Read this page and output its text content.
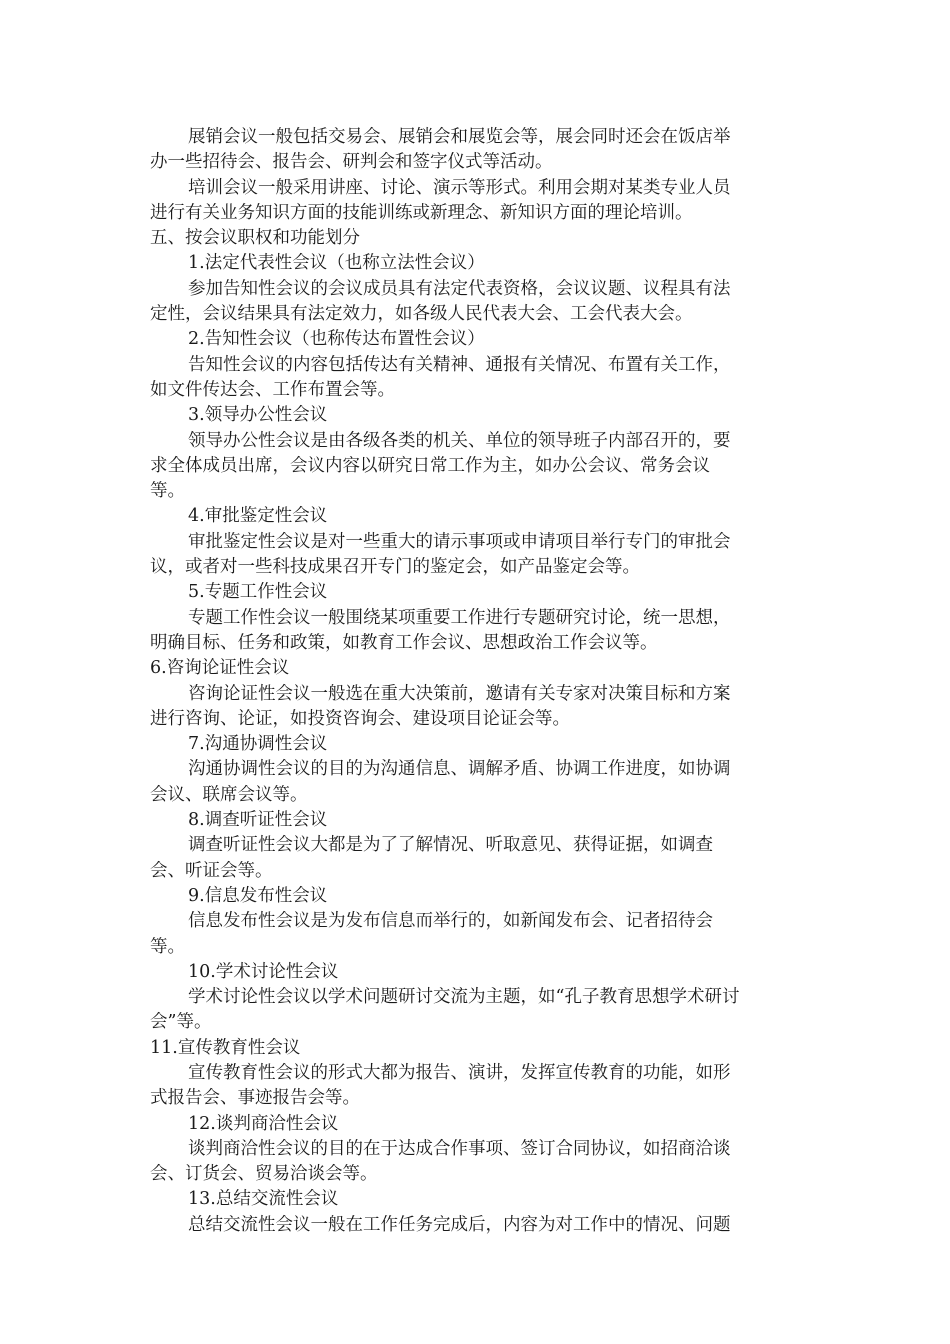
展销会议一般包括交易会、展销会和展览会等，展会同时还会在饭店举
办一些招待会、报告会、研判会和签字仪式等活动。
培训会议一般采用讲座、讨论、演示等形式。利用会期对某类专业人员
进行有关业务知识方面的技能训练或新理念、新知识方面的理论培训。
五、按会议职权和功能划分
1.法定代表性会议（也称立法性会议）
参加告知性会议的会议成员具有法定代表资格，会议议题、议程具有法
定性，会议结果具有法定效力，如各级人民代表大会、工会代表大会。
2.告知性会议（也称传达布置性会议）
告知性会议的内容包括传达有关精神、通报有关情况、布置有关工作，
如文件传达会、工作布置会等。
3.领导办公性会议
领导办公性会议是由各级各类的机关、单位的领导班子内部召开的，要
求全体成员出席，会议内容以研究日常工作为主，如办公会议、常务会议
等。
4.审批鉴定性会议
审批鉴定性会议是对一些重大的请示事项或申请项目举行专门的审批会
议，或者对一些科技成果召开专门的鉴定会，如产品鉴定会等。
5.专题工作性会议
专题工作性会议一般围绕某项重要工作进行专题研究讨论，统一思想，
明确目标、任务和政策，如教育工作会议、思想政治工作会议等。
6.咨询论证性会议
咨询论证性会议一般选在重大决策前，邀请有关专家对决策目标和方案
进行咨询、论证，如投资咨询会、建设项目论证会等。
7.沟通协调性会议
沟通协调性会议的目的为沟通信息、调解矛盾、协调工作进度，如协调
会议、联席会议等。
8.调查听证性会议
调查听证性会议大都是为了了解情况、听取意见、获得证据，如调查
会、听证会等。
9.信息发布性会议
信息发布性会议是为发布信息而举行的，如新闻发布会、记者招待会
等。
10.学术讨论性会议
学术讨论性会议以学术问题研讨交流为主题，如“孔子教育思想学术研讨
会”等。
11.宣传教育性会议
宣传教育性会议的形式大都为报告、演讲，发挥宣传教育的功能，如形
式报告会、事迹报告会等。
12.谈判商洽性会议
谈判商洽性会议的目的在于达成合作事项、签订合同协议，如招商洽谈
会、订货会、贸易洽谈会等。
13.总结交流性会议
总结交流性会议一般在工作任务完成后，内容为对工作中的情况、问题
